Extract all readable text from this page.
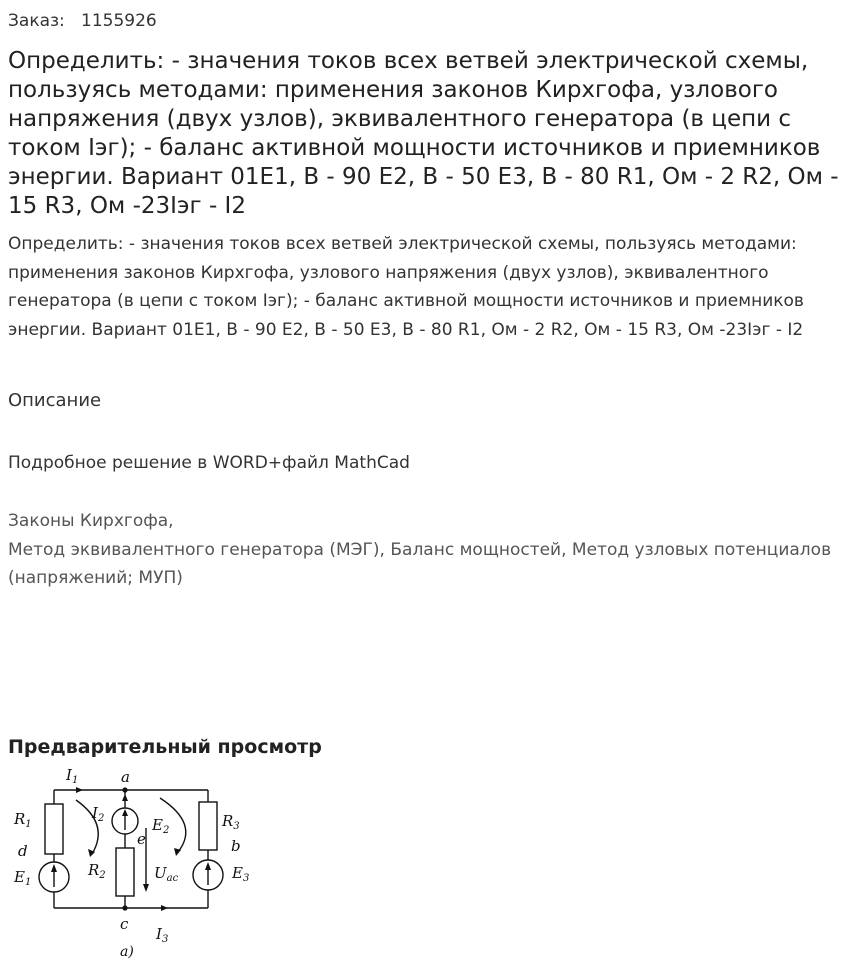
Заказ: 1155926
Определить: - значения токов всех ветвей электрической схемы, пользуясь методами: применения законов Кирхгофа, узлового напряжения (двух узлов), эквивалентного генератора (в цепи с током Iэг); - баланс активной мощности источников и приемников энергии. Вариант 01E1, В - 90 E2, В - 50 E3, В - 80 R1, Ом - 2 R2, Ом - 15 R3, Ом -23Iэг - I2

Определить: - значения токов всех ветвей электрической схемы, пользуясь методами: применения законов Кирхгофа, узлового напряжения (двух узлов), эквивалентного генератора (в цепи с током Iэг); - баланс активной мощности источников и приемников энергии. Вариант 01E1, В - 90 E2, В - 50 E3, В - 80 R1, Ом - 2 R2, Ом - 15 R3, Ом -23Iэг - I2

Описание
Подробное решение в WORD+файл MathCad
Законы Кирхгофа,
Метод эквивалентного генератора (МЭГ), Баланс мощностей, Метод узловых потенциалов (напряжений; МУП)
Предварительный просмотр
$I_1$	a
$I_2$
$R_1$	$E_2$
$R_3$
e
d	b
$R_2$	$U_{ac}$
$E_1$
$E_3$
c
$I_3$
а)
